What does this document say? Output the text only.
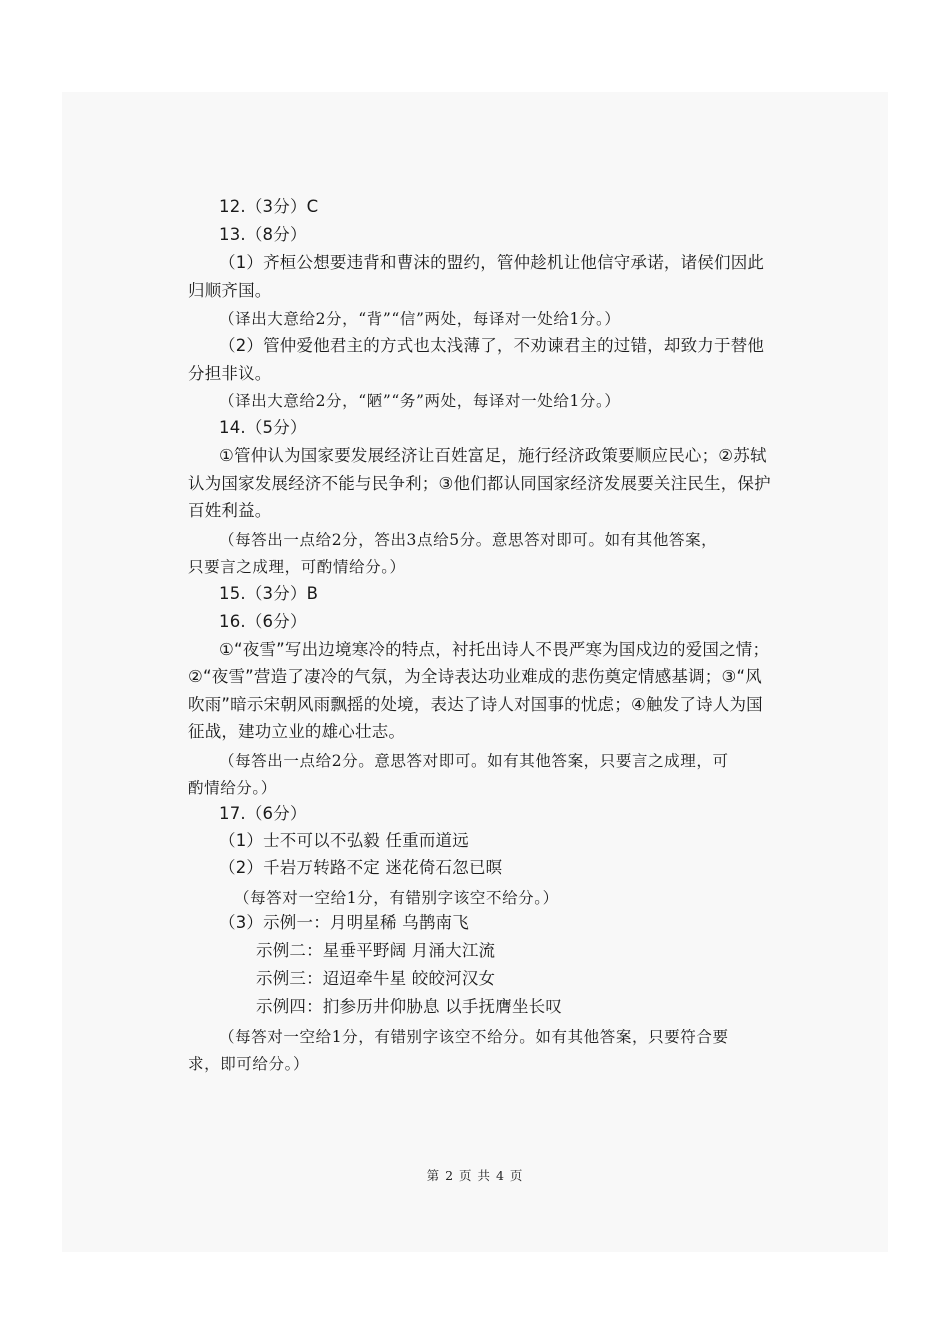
12.（3分）C
13.（8分）
（1）齐桓公想要违背和曹沫的盟约，管仲趁机让他信守承诺，诸侯们因此
归顺齐国。
（译出大意给2分，“背”“信”两处，每译对一处给1分。）
（2）管仲爱他君主的方式也太浅薄了，不劝谏君主的过错，却致力于替他
分担非议。
（译出大意给2分，“陋”“务”两处，每译对一处给1分。）
14.（5分）
①管仲认为国家要发展经济让百姓富足，施行经济政策要顺应民心；②苏轼
认为国家发展经济不能与民争利；③他们都认同国家经济发展要关注民生，保护
百姓利益。
（每答出一点给2分，答出3点给5分。意思答对即可。如有其他答案，
只要言之成理，可酌情给分。）
15.（3分）B
16.（6分）
①“夜雪”写出边境寒冷的特点，衬托出诗人不畏严寒为国戍边的爱国之情；
②“夜雪”营造了凄冷的气氛，为全诗表达功业难成的悲伤奠定情感基调；③“风
吹雨”暗示宋朝风雨飘摇的处境，表达了诗人对国事的忧虑；④触发了诗人为国
征战，建功立业的雄心壮志。
（每答出一点给2分。意思答对即可。如有其他答案，只要言之成理，可
酌情给分。）
17.（6分）
（1）士不可以不弘毅 任重而道远
（2）千岩万转路不定 迷花倚石忽已暝
（每答对一空给1分，有错别字该空不给分。）
（3）示例一：月明星稀 乌鹊南飞
示例二：星垂平野阔 月涌大江流
示例三：迢迢牵牛星 皎皎河汉女
示例四：扪参历井仰胁息 以手抚膺坐长叹
（每答对一空给1分，有错别字该空不给分。如有其他答案，只要符合要
求，即可给分。）
第 2 页 共 4 页
